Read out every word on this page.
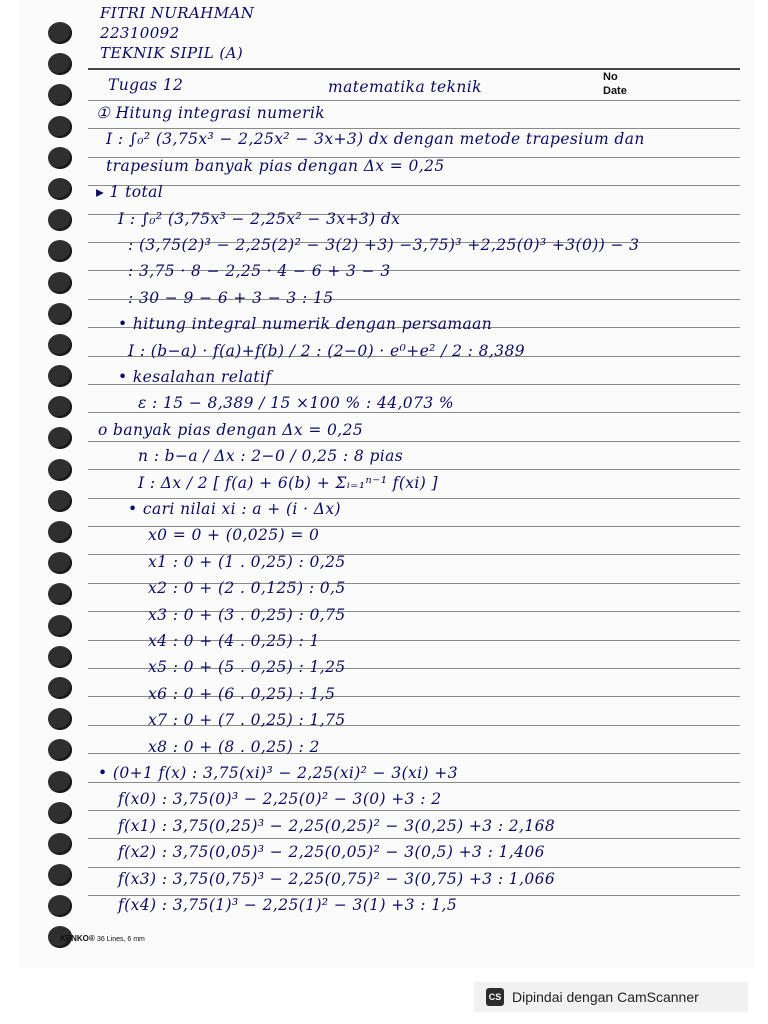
FITRI NURAHMAN
22310092
TEKNIK SIPIL (A)
Tugas 12	matematika teknik
① Hitung integrasi numerik
I : ∫₀² (3,75x³ − 2,25x² − 3x+3) dx dengan metode trapesium dan
trapesium banyak pias dengan Δx = 0,25
▸ 1 total
I : ∫₀² (3,75x³ − 2,25x² − 3x+3) dx
: (3,75(2)³ − 2,25(2)² − 3(2) +3) −3,75)³ +2,25(0)³ +3(0)) − 3
: 3,75 · 8 − 2,25 · 4 − 6 + 3 − 3
: 30 − 9 − 6 + 3 − 3 : 15
• hitung integral numerik dengan persamaan
I : (b−a) · f(a)+f(b) / 2 : (2−0) · e⁰+e² / 2 : 8,389
• kesalahan relatif
ε : 15 − 8,389 / 15 ×100 % : 44,073 %
o banyak pias dengan Δx = 0,25
n : b−a / Δx : 2−0 / 0,25 : 8 pias
I : Δx / 2 [ f(a) + 6(b) + Σᵢ₌₁ⁿ⁻¹ f(xi) ]
• cari nilai xi : a + (i · Δx)
x0 = 0 + (0,025) = 0
x1 : 0 + (1 . 0,25) : 0,25
x2 : 0 + (2 . 0,125) : 0,5
x3 : 0 + (3 . 0,25) : 0,75
x4 : 0 + (4 . 0,25) : 1
x5 : 0 + (5 . 0,25) : 1,25
x6 : 0 + (6 . 0,25) : 1,5
x7 : 0 + (7 . 0,25) : 1,75
x8 : 0 + (8 . 0,25) : 2
• (0+1 f(x) : 3,75(xi)³ − 2,25(xi)² − 3(xi) +3
f(x0) : 3,75(0)³ − 2,25(0)² − 3(0) +3 : 2
f(x1) : 3,75(0,25)³ − 2,25(0,25)² − 3(0,25) +3 : 2,168
f(x2) : 3,75(0,05)³ − 2,25(0,05)² − 3(0,5) +3 : 1,406
f(x3) : 3,75(0,75)³ − 2,25(0,75)² − 3(0,75) +3 : 1,066
f(x4) : 3,75(1)³ − 2,25(1)² − 3(1) +3 : 1,5
No
Date
KENKO® 36 Lines, 6 mm
CS Dipindai dengan CamScanner
